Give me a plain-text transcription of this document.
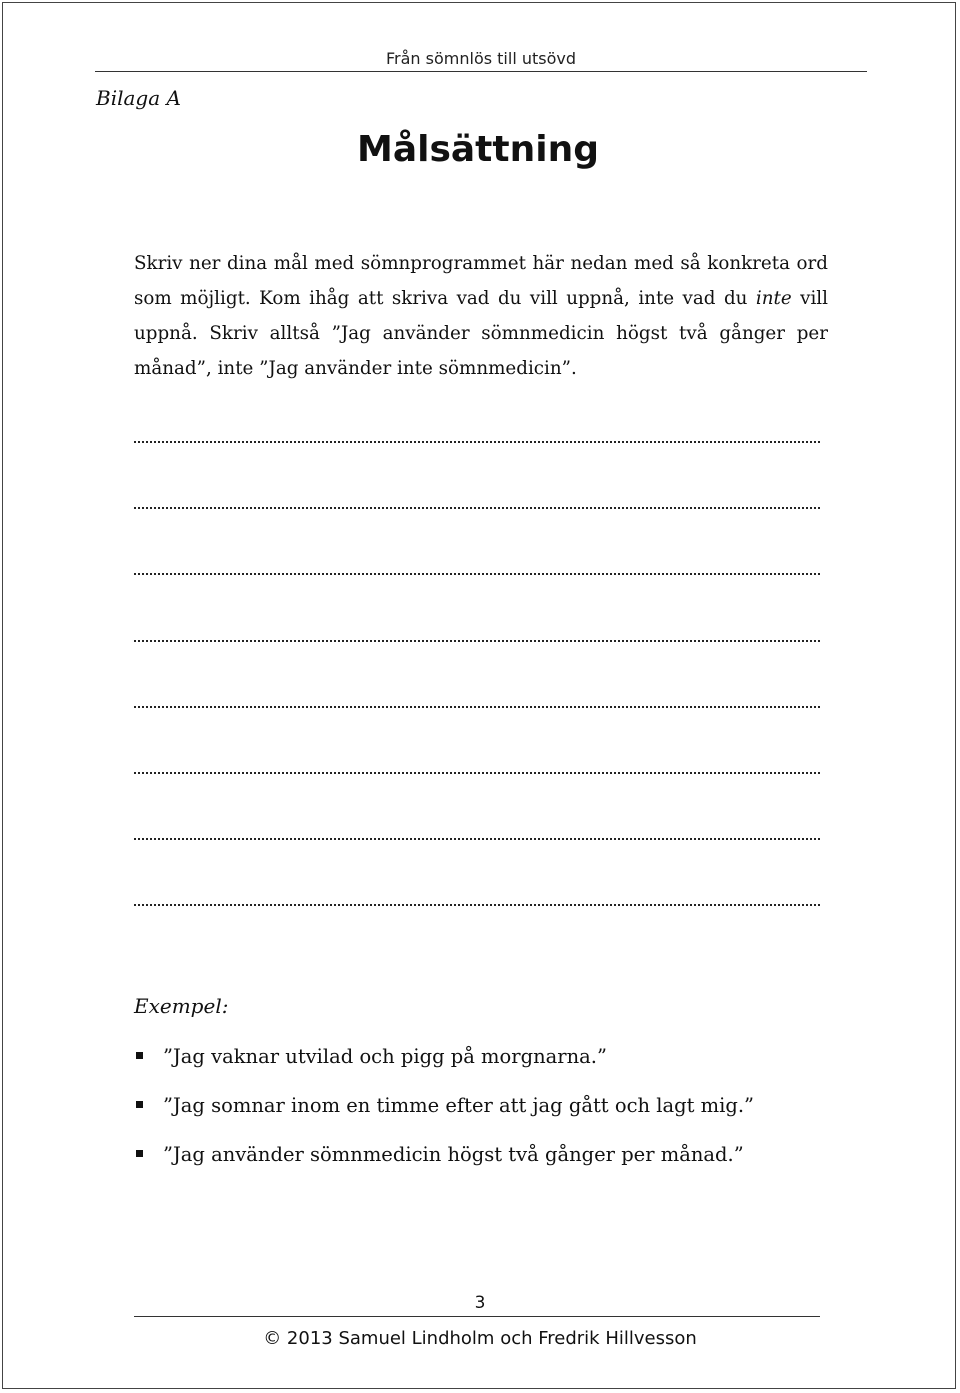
Från sömnlös till utsövd
Bilaga A
Målsättning

Skriv ner dina mål med sömnprogrammet här nedan med så konkreta ord som möjligt. Kom ihåg att skriva vad du vill uppnå, inte vad du inte vill uppnå. Skriv alltså ”Jag använder sömnmedicin högst två gånger per månad”, inte ”Jag använder inte sömnmedicin”.

Exempel:
”Jag vaknar utvilad och pigg på morgnarna.”
”Jag somnar inom en timme efter att jag gått och lagt mig.”
”Jag använder sömnmedicin högst två gånger per månad.”
3
© 2013 Samuel Lindholm och Fredrik Hillvesson
